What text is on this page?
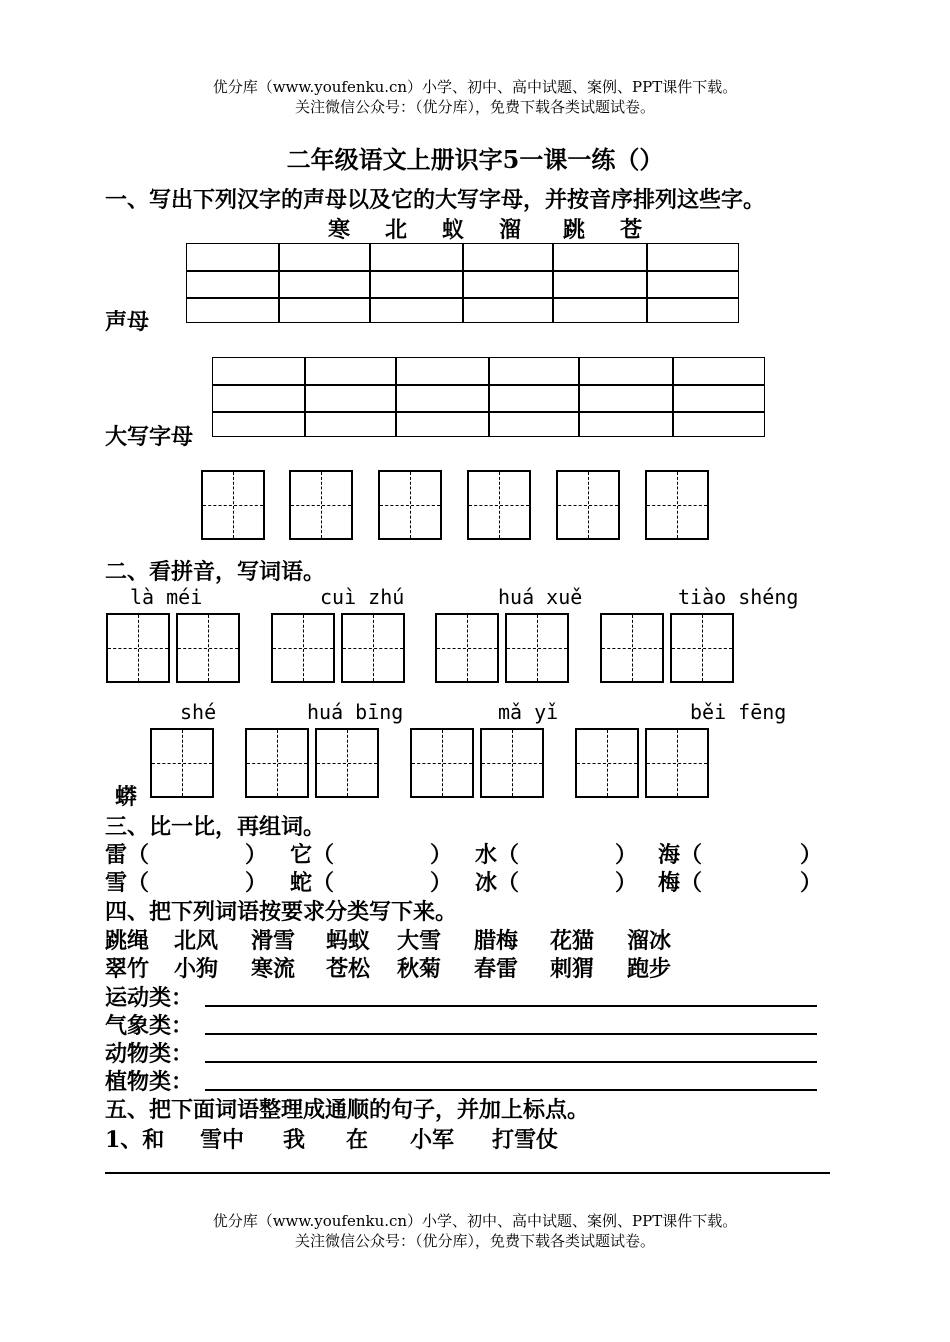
优分库（www.youfenku.cn）小学、初中、高中试题、案例、PPT课件下载。
关注微信公众号：（优分库），免费下载各类试题试卷。
二年级语文上册识字5一课一练（）
一、写出下列汉字的声母以及它的大写字母，并按音序排列这些字。
寒 北 蚁 溜 跳 苍
声母
大写字母
二、看拼音，写词语。
là méi	cuì zhú	huá xuě	tiào shéng
shé	huá bīng	mǎ yǐ	běi fēng
蟒
三、比一比，再组词。
雷（	） 它（	） 水（	） 海（	）
雪（	） 蛇（	） 冰（	） 梅（	）
四、把下列词语按要求分类写下来。
跳绳 北风 滑雪 蚂蚁 大雪 腊梅 花猫 溜冰
翠竹 小狗 寒流 苍松 秋菊 春雷 刺猬 跑步
运动类：
气象类：
动物类：
植物类：
五、把下面词语整理成通顺的句子，并加上标点。
1、和 雪中 我 在 小军 打雪仗
优分库（www.youfenku.cn）小学、初中、高中试题、案例、PPT课件下载。
关注微信公众号：（优分库），免费下载各类试题试卷。
